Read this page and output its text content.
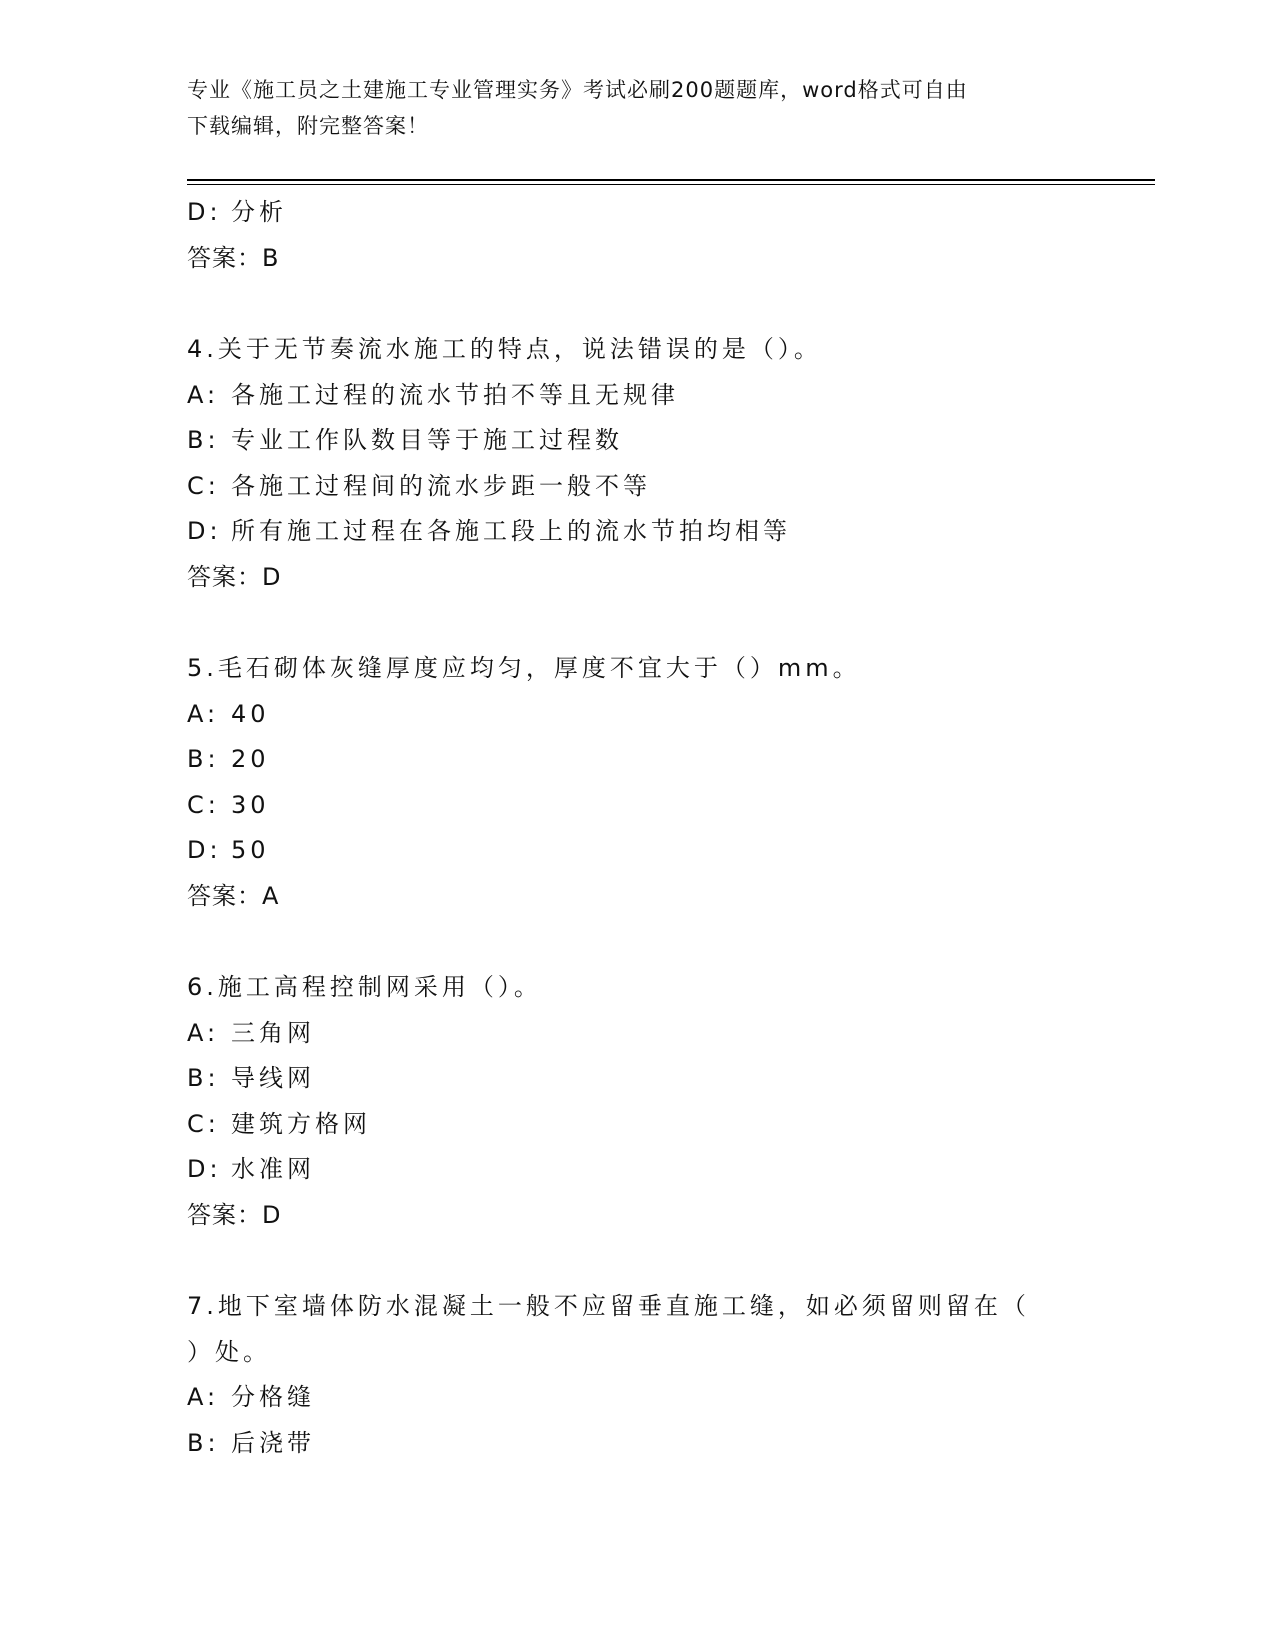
专业《施工员之土建施工专业管理实务》考试必刷200题题库，word格式可自由
下载编辑，附完整答案！
D: 分析
答案：B
4.关于无节奏流水施工的特点，说法错误的是（）。
A: 各施工过程的流水节拍不等且无规律
B: 专业工作队数目等于施工过程数
C: 各施工过程间的流水步距一般不等
D: 所有施工过程在各施工段上的流水节拍均相等
答案：D
5.毛石砌体灰缝厚度应均匀，厚度不宜大于（）mm。
A: 40
B: 20
C: 30
D: 50
答案：A
6.施工高程控制网采用（）。
A: 三角网
B: 导线网
C: 建筑方格网
D: 水准网
答案：D
7.地下室墙体防水混凝土一般不应留垂直施工缝，如必须留则留在（
）处。
A: 分格缝
B: 后浇带
